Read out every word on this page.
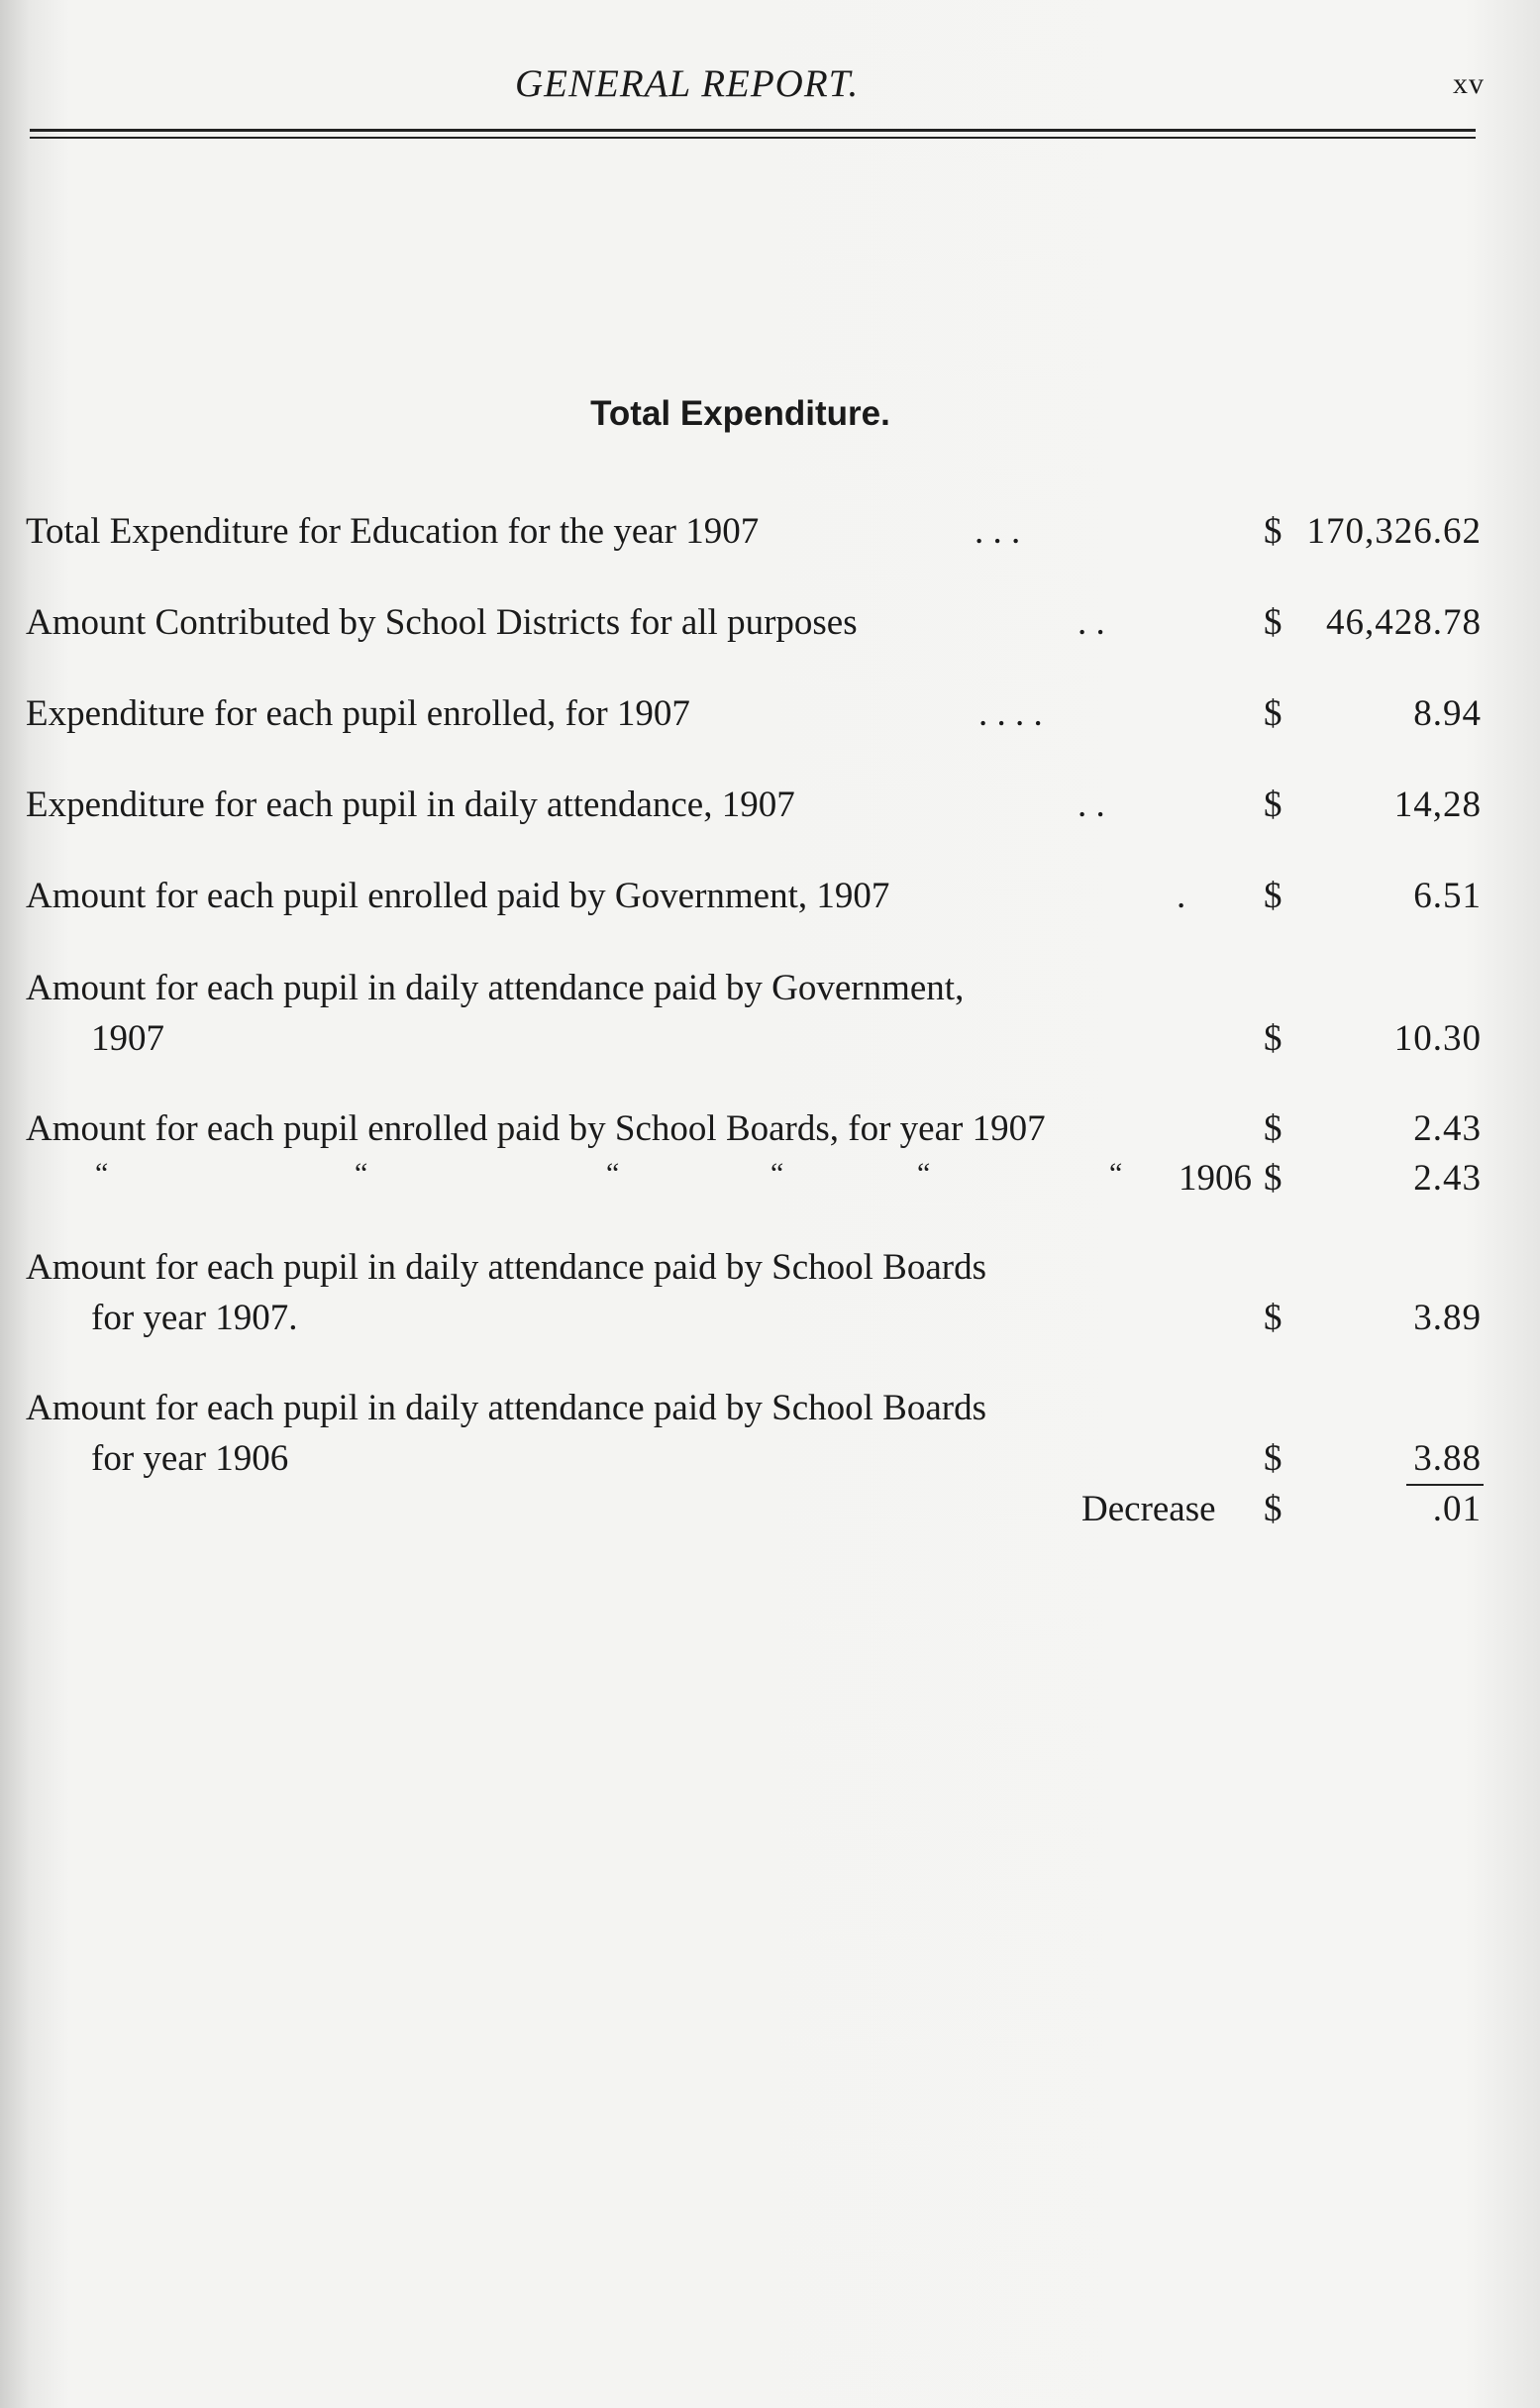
GENERAL REPORT.	xv
Total Expenditure.
Total Expenditure for Education for the year 1907	. . .	$ 170,326.62
Amount Contributed by School Districts for all purposes	. .	$ 46,428.78
Expenditure for each pupil enrolled, for 1907	. . . .	$	8.94
Expenditure for each pupil in daily attendance, 1907	. .	$	14,28
Amount for each pupil enrolled paid by Government, 1907	. $	6.51
Amount for each pupil in daily attendance paid by Government,
1907	$	10.30
Amount for each pupil enrolled paid by School Boards, for year 1907	$	2.43
“	“	“	“	“	“ 1906 $	2.43
Amount for each pupil in daily attendance paid by School Boards
for year 1907.	$	3.89
Amount for each pupil in daily attendance paid by School Boards
for year 1906	$	3.88
Decrease $	.01
